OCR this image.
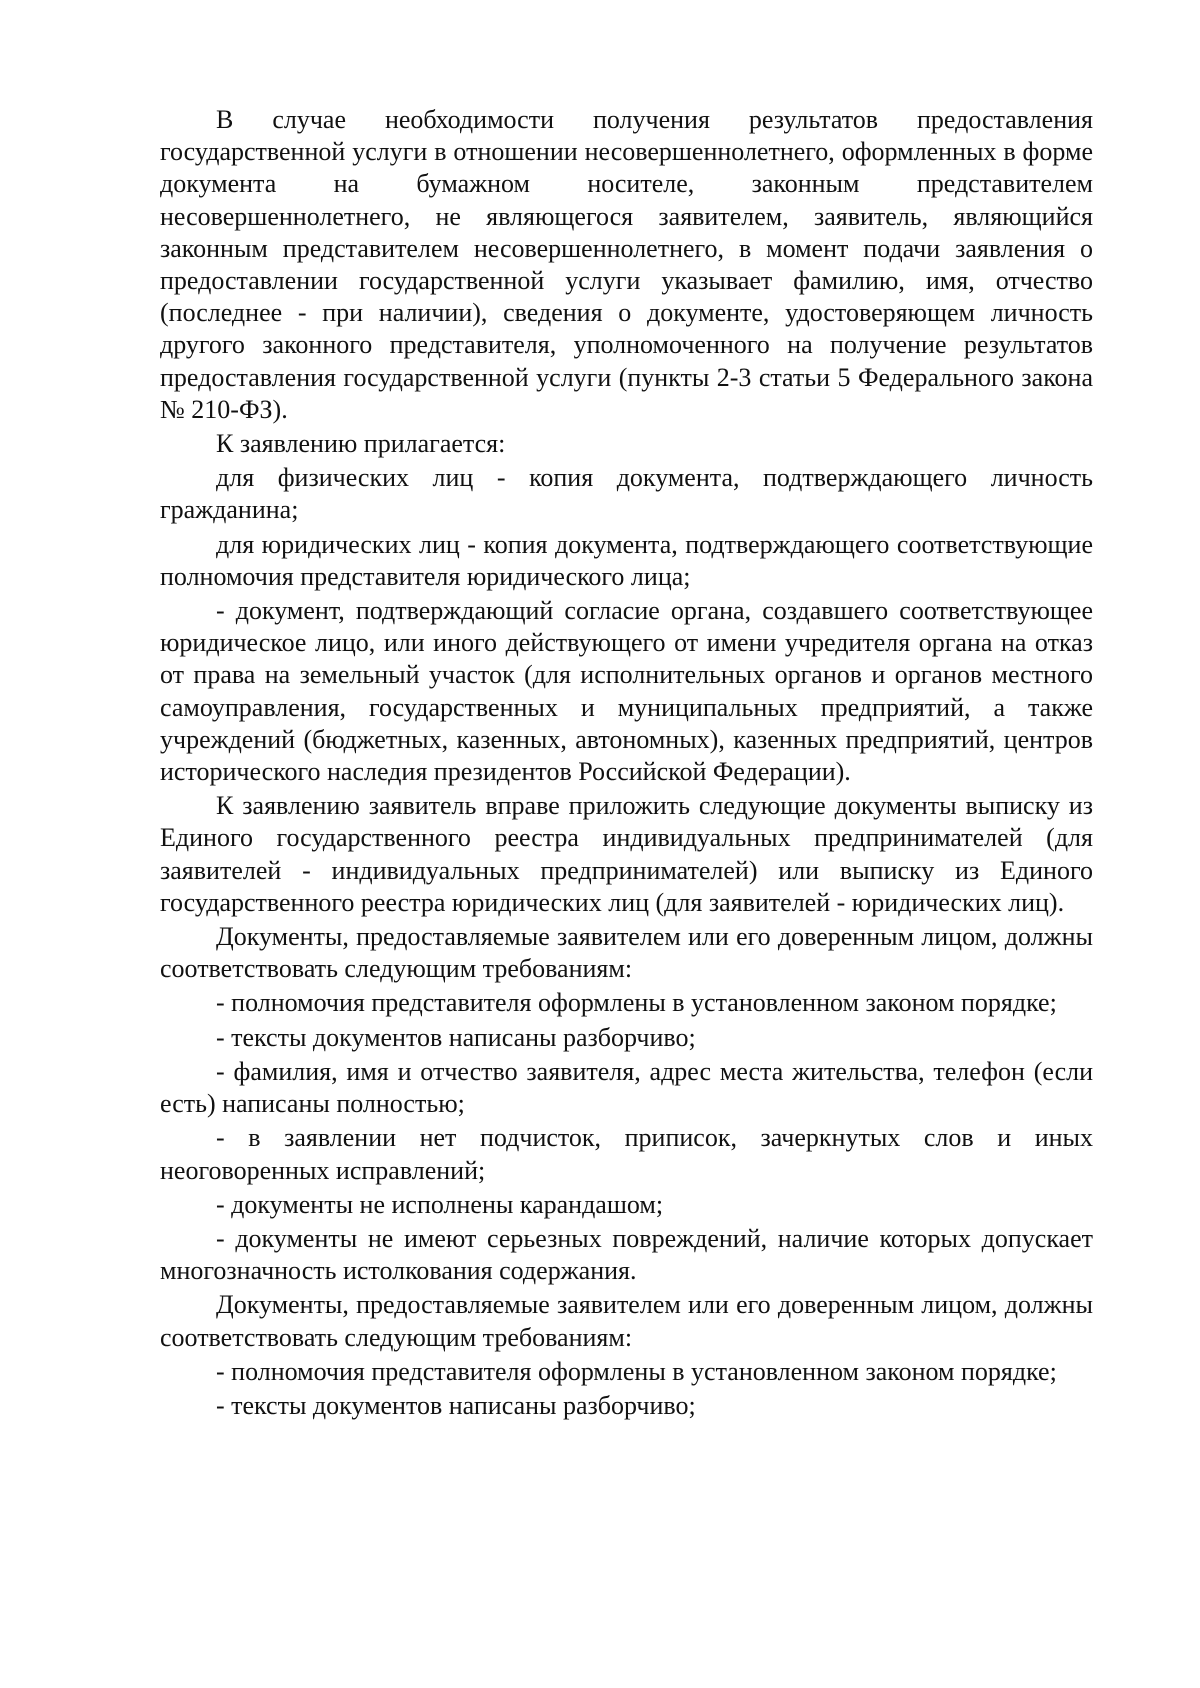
В случае необходимости получения результатов предоставления государственной услуги в отношении несовершеннолетнего, оформленных в форме документа на бумажном носителе, законным представителем несовершеннолетнего, не являющегося заявителем, заявитель, являющийся законным представителем несовершеннолетнего, в момент подачи заявления о предоставлении государственной услуги указывает фамилию, имя, отчество (последнее - при наличии), сведения о документе, удостоверяющем личность другого законного представителя, уполномоченного на получение результатов предоставления государственной услуги (пункты 2-3 статьи 5 Федерального закона № 210-ФЗ).

К заявлению прилагается:

для физических лиц - копия документа, подтверждающего личность гражданина;

для юридических лиц - копия документа, подтверждающего соответствующие полномочия представителя юридического лица;

- документ, подтверждающий согласие органа, создавшего соответствующее юридическое лицо, или иного действующего от имени учредителя органа на отказ от права на земельный участок (для исполнительных органов и органов местного самоуправления, государственных и муниципальных предприятий, а также учреждений (бюджетных, казенных, автономных), казенных предприятий, центров исторического наследия президентов Российской Федерации).

К заявлению заявитель вправе приложить следующие документы выписку из Единого государственного реестра индивидуальных предпринимателей (для заявителей - индивидуальных предпринимателей) или выписку из Единого государственного реестра юридических лиц (для заявителей - юридических лиц).

Документы, предоставляемые заявителем или его доверенным лицом, должны соответствовать следующим требованиям:

- полномочия представителя оформлены в установленном законом порядке;

- тексты документов написаны разборчиво;

- фамилия, имя и отчество заявителя, адрес места жительства, телефон (если есть) написаны полностью;

- в заявлении нет подчисток, приписок, зачеркнутых слов и иных неоговоренных исправлений;

- документы не исполнены карандашом;

- документы не имеют серьезных повреждений, наличие которых допускает многозначность истолкования содержания.

Документы, предоставляемые заявителем или его доверенным лицом, должны соответствовать следующим требованиям:

- полномочия представителя оформлены в установленном законом порядке;

- тексты документов написаны разборчиво;
